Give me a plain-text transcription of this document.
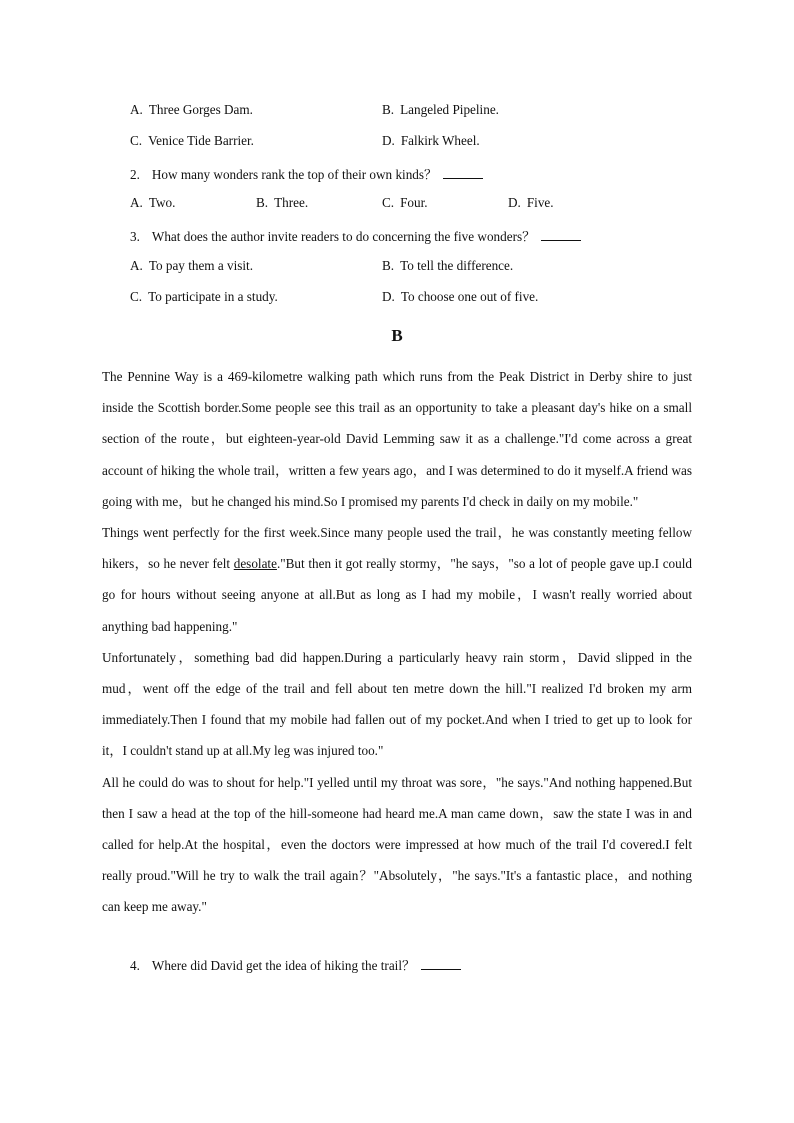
A. Three Gorges Dam.	B. Langeled Pipeline.
C. Venice Tide Barrier.	D. Falkirk Wheel.
2. How many wonders rank the top of their own kinds？
A. Two.	B. Three.	C. Four.	D. Five.
3. What does the author invite readers to do concerning the five wonders？
A. To pay them a visit.	B. To tell the difference.
C. To participate in a study.	D. To choose one out of five.
B

The Pennine Way is a 469-kilometre walking path which runs from the Peak District in Derby shire to just inside the Scottish border.Some people see this trail as an opportunity to take a pleasant day's hike on a small section of the route，but eighteen-year-old David Lemming saw it as a challenge."I'd come across a great account of hiking the whole trail，written a few years ago，and I was determined to do it myself.A friend was going with me，but he changed his mind.So I promised my parents I'd check in daily on my mobile."

Things went perfectly for the first week.Since many people used the trail，he was constantly meeting fellow hikers，so he never felt desolate."But then it got really stormy，"he says，"so a lot of people gave up.I could go for hours without seeing anyone at all.But as long as I had my mobile，I wasn't really worried about anything bad happening."

Unfortunately，something bad did happen.During a particularly heavy rain storm，David slipped in the mud，went off the edge of the trail and fell about ten metre down the hill."I realized I'd broken my arm immediately.Then I found that my mobile had fallen out of my pocket.And when I tried to get up to look for it，I couldn't stand up at all.My leg was injured too."

All he could do was to shout for help."I yelled until my throat was sore，"he says."And nothing happened.But then I saw a head at the top of the hill-someone had heard me.A man came down，saw the state I was in and called for help.At the hospital，even the doctors were impressed at how much of the trail I'd covered.I felt really proud."Will he try to walk the trail again？"Absolutely，"he says."It's a fantastic place，and nothing can keep me away."

4. Where did David get the idea of hiking the trail？
